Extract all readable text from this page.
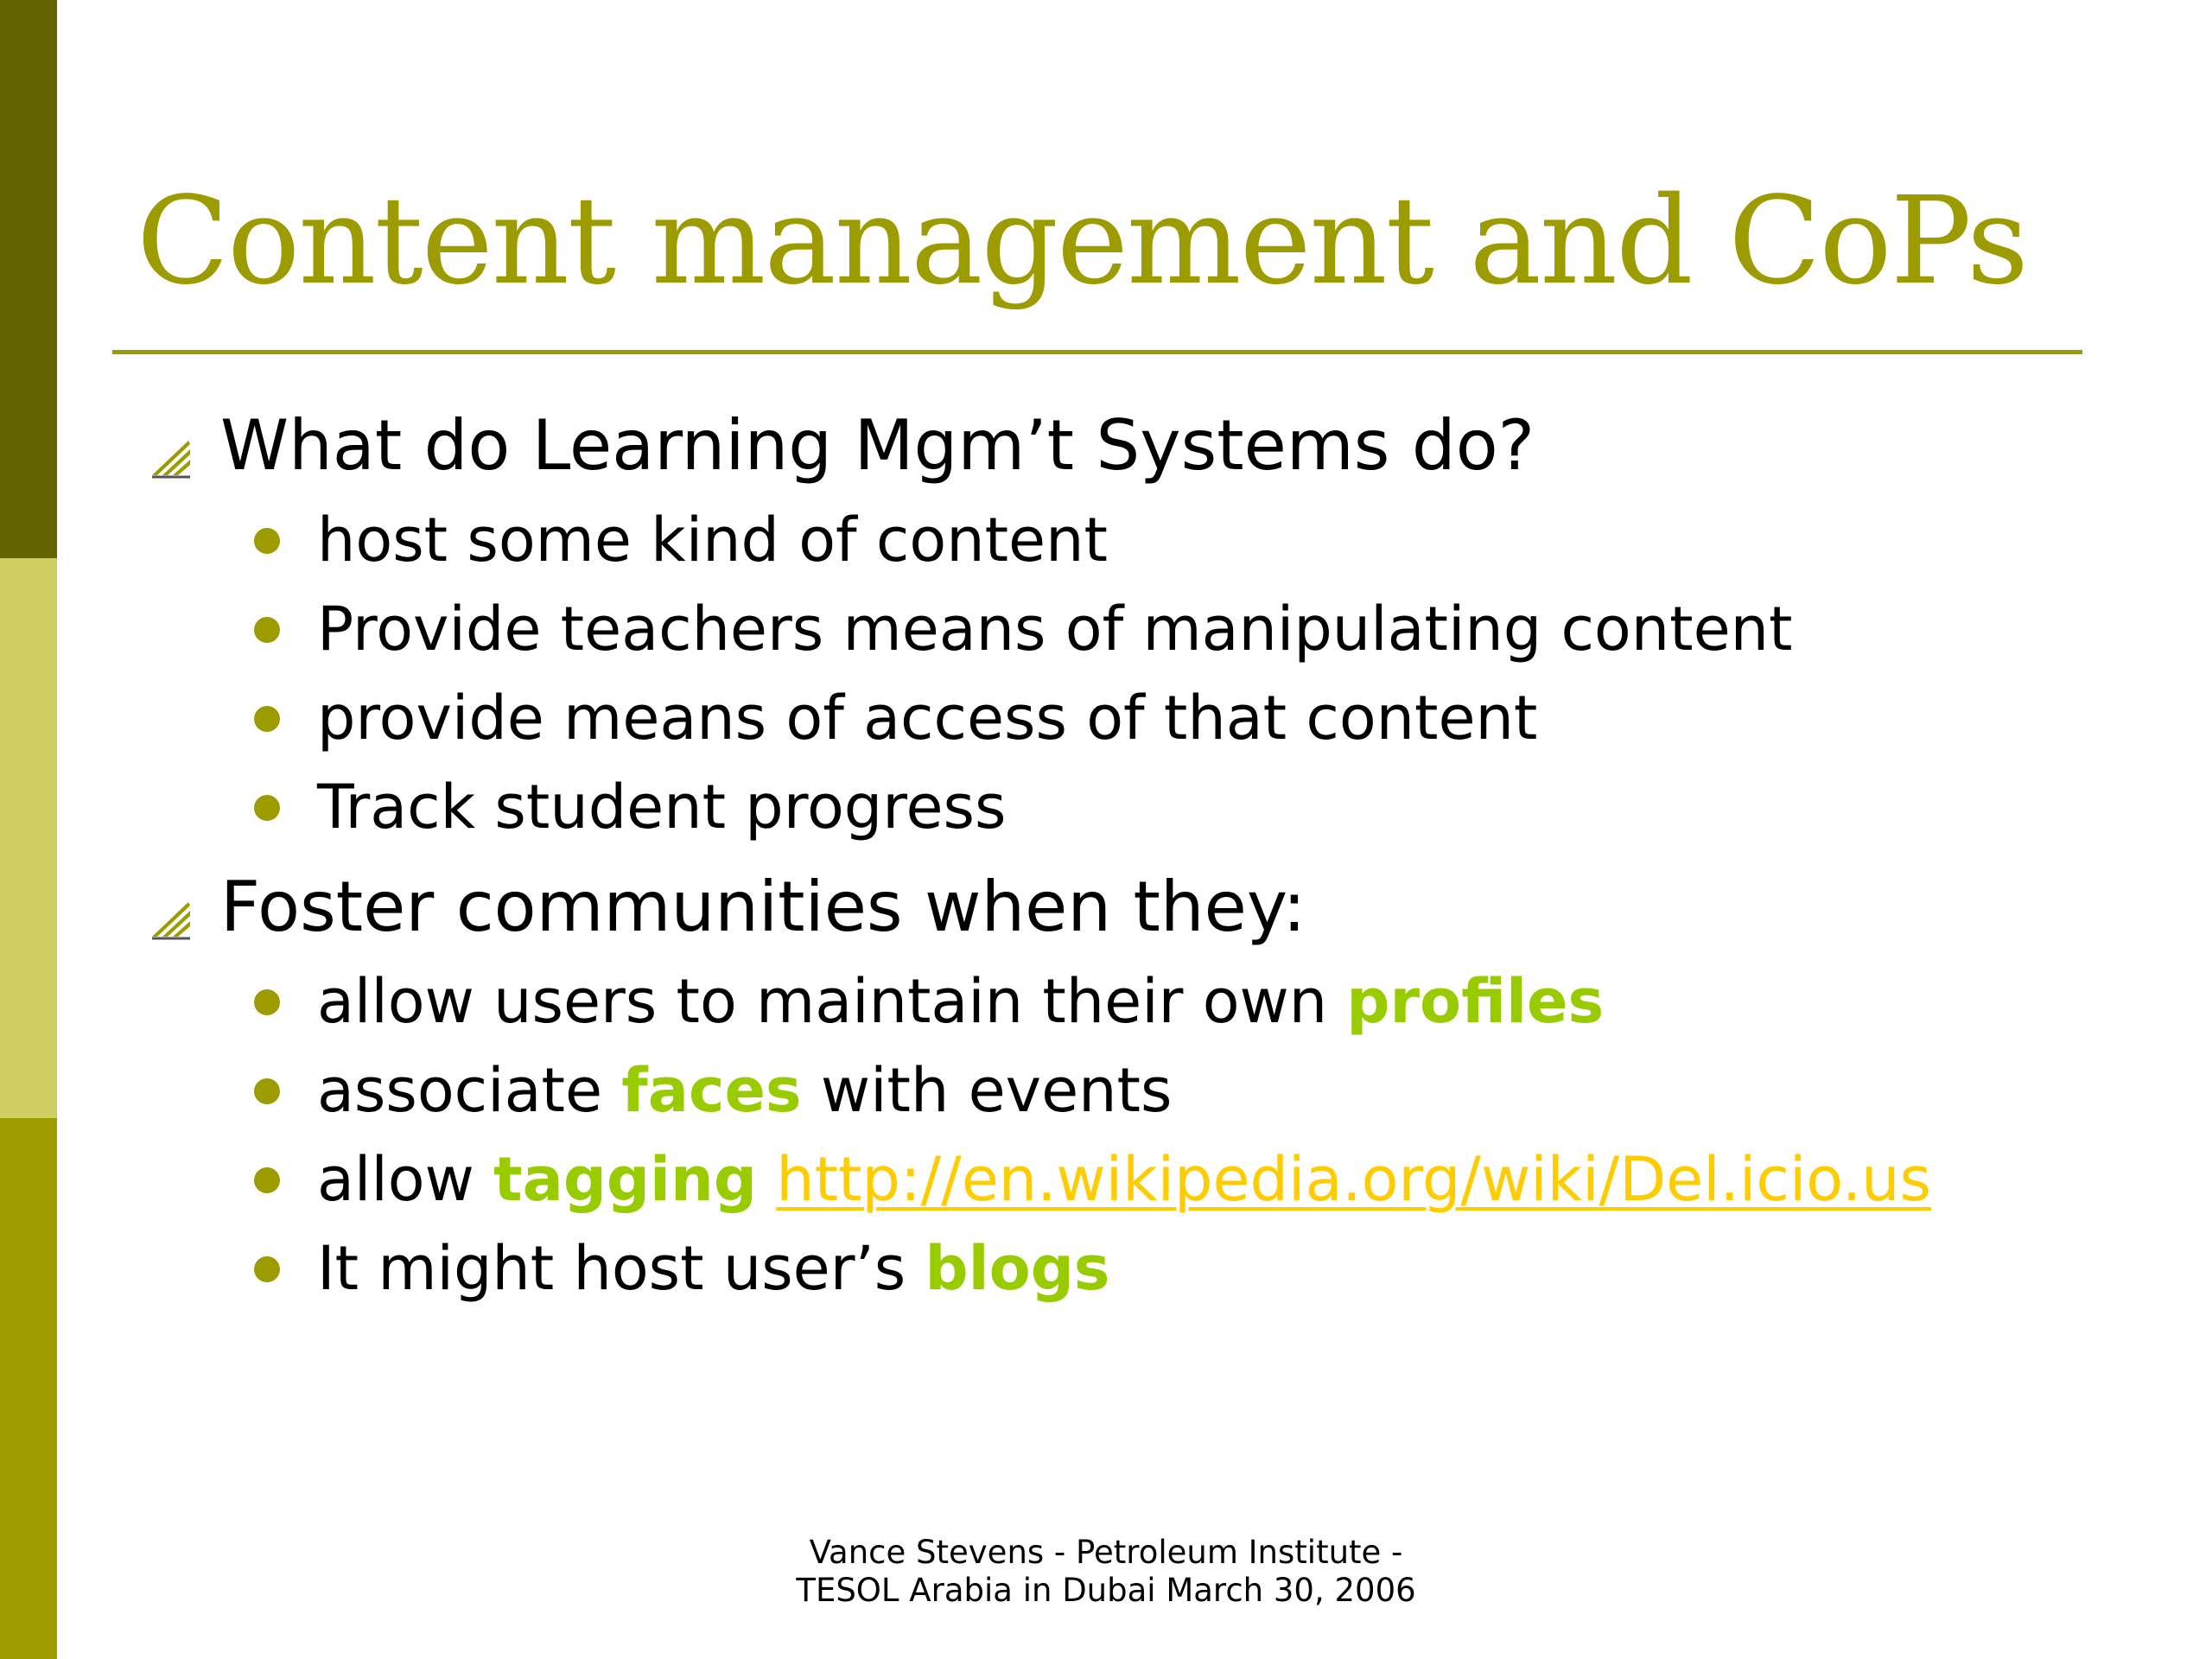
Content management and CoPs
What do Learning Mgm’t Systems do?
host some kind of content
Provide teachers means of manipulating content
provide means of access of that content
Track student progress
Foster communities when they:
allow users to maintain their own profiles
associate faces with events
allow tagging http://en.wikipedia.org/wiki/Del.icio.us
It might host user’s blogs
Vance Stevens - Petroleum Institute -
TESOL Arabia in Dubai March 30, 2006
